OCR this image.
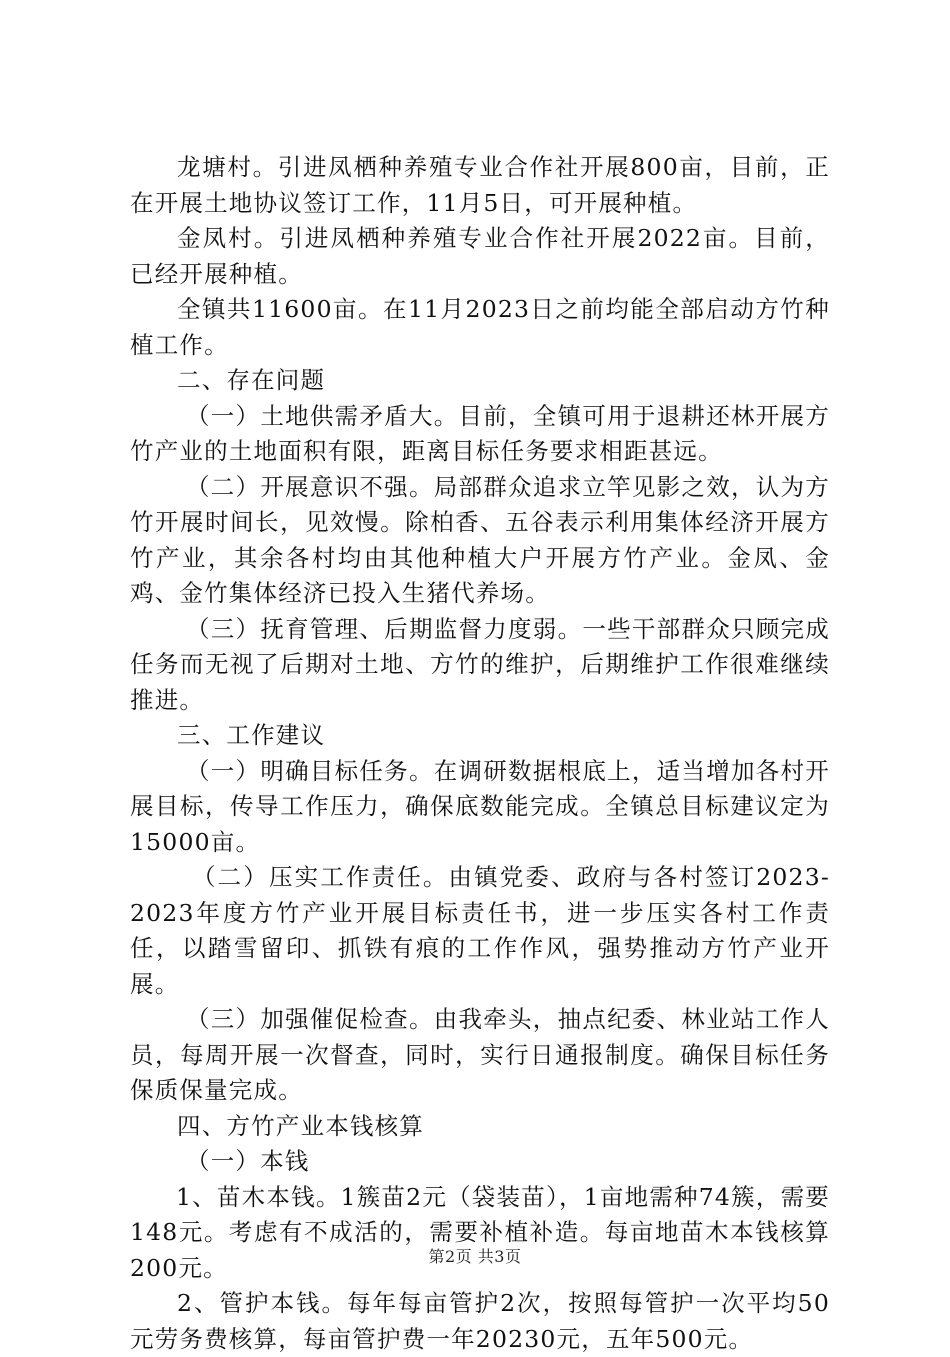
龙塘村。引进凤栖种养殖专业合作社开展800亩，目前，正在开展土地协议签订工作，11月5日，可开展种植。

金凤村。引进凤栖种养殖专业合作社开展2022亩。目前，已经开展种植。

全镇共11600亩。在11月2023日之前均能全部启动方竹种植工作。

二、存在问题

（一）土地供需矛盾大。目前，全镇可用于退耕还林开展方竹产业的土地面积有限，距离目标任务要求相距甚远。

（二）开展意识不强。局部群众追求立竿见影之效，认为方竹开展时间长，见效慢。除柏香、五谷表示利用集体经济开展方竹产业，其余各村均由其他种植大户开展方竹产业。金凤、金鸡、金竹集体经济已投入生猪代养场。

（三）抚育管理、后期监督力度弱。一些干部群众只顾完成任务而无视了后期对土地、方竹的维护，后期维护工作很难继续推进。

三、工作建议

（一）明确目标任务。在调研数据根底上，适当增加各村开展目标，传导工作压力，确保底数能完成。全镇总目标建议定为15000亩。

（二）压实工作责任。由镇党委、政府与各村签订2023-2023年度方竹产业开展目标责任书，进一步压实各村工作责任，以踏雪留印、抓铁有痕的工作作风，强势推动方竹产业开展。

（三）加强催促检查。由我牵头，抽点纪委、林业站工作人员，每周开展一次督查，同时，实行日通报制度。确保目标任务保质保量完成。

四、方竹产业本钱核算

（一）本钱

1、苗木本钱。1簇苗2元（袋装苗），1亩地需种74簇，需要148元。考虑有不成活的，需要补植补造。每亩地苗木本钱核算200元。

2、管护本钱。每年每亩管护2次，按照每管护一次平均50元劳务费核算，每亩管护费一年20230元，五年500元。

第2页 共3页
